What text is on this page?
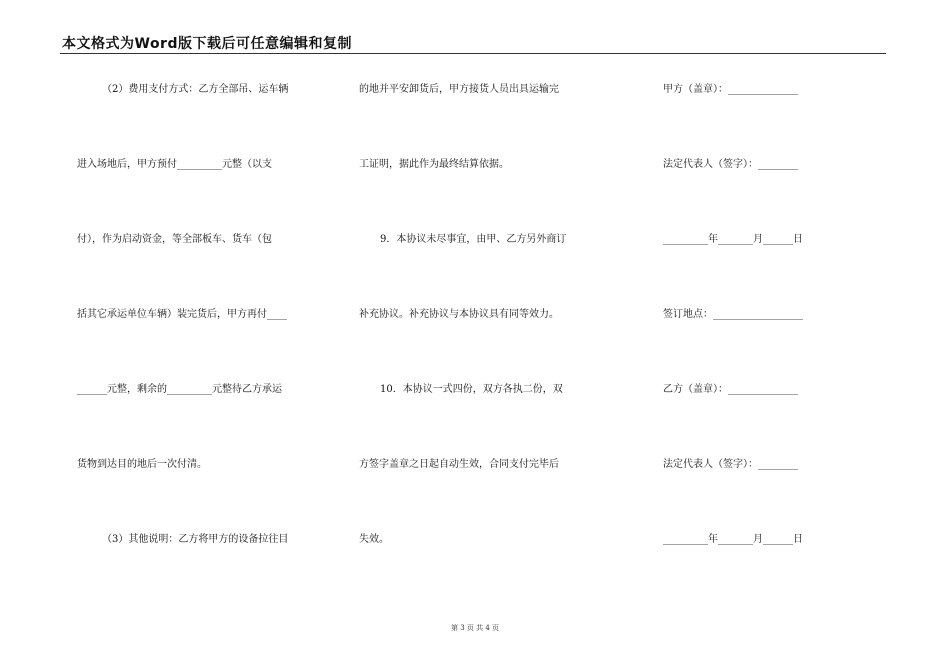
本文格式为Word版下载后可任意编辑和复制
（2）费用支付方式：乙方全部吊、运车辆
进入场地后，甲方预付_________元整（以支
付），作为启动资金，等全部板车、货车（包
括其它承运单位车辆）装完货后，甲方再付____
______元整，剩余的_________元整待乙方承运
货物到达目的地后一次付清。
（3）其他说明：乙方将甲方的设备拉往目
的地并平安卸货后，甲方接货人员出具运输完
工证明，据此作为最终结算依据。
9．本协议未尽事宜，由甲、乙方另外商订
补充协议。补充协议与本协议具有同等效力。
10．本协议一式四份，双方各执二份，双
方签字盖章之日起自动生效，合同支付完毕后
失效。
甲方（盖章）：______________
法定代表人（签字）：________
_________年_______月______日
签订地点：__________________
乙方（盖章）：______________
法定代表人（签字）：________
_________年_______月______日
第 3 页 共 4 页
